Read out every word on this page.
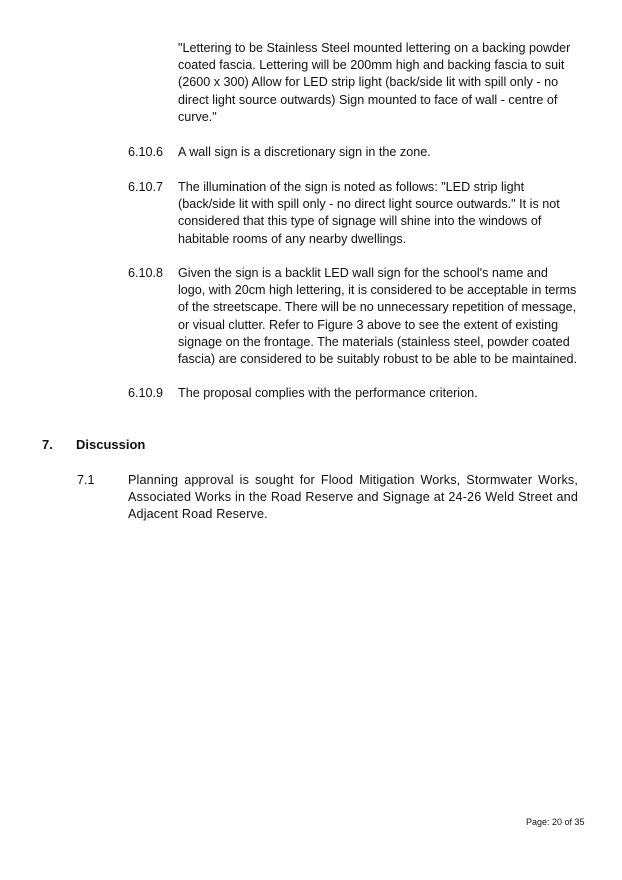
"Lettering to be Stainless Steel mounted lettering on a backing powder coated fascia. Lettering will be 200mm high and backing fascia to suit (2600 x 300) Allow for LED strip light (back/side lit with spill only - no direct light source outwards) Sign mounted to face of wall - centre of curve."

6.10.6 A wall sign is a discretionary sign in the zone.

6.10.7 The illumination of the sign is noted as follows: "LED strip light (back/side lit with spill only - no direct light source outwards." It is not considered that this type of signage will shine into the windows of habitable rooms of any nearby dwellings.

6.10.8 Given the sign is a backlit LED wall sign for the school's name and logo, with 20cm high lettering, it is considered to be acceptable in terms of the streetscape. There will be no unnecessary repetition of message, or visual clutter. Refer to Figure 3 above to see the extent of existing signage on the frontage. The materials (stainless steel, powder coated fascia) are considered to be suitably robust to be able to be maintained.

6.10.9 The proposal complies with the performance criterion.

7. Discussion
7.1	Planning approval is sought for Flood Mitigation Works, Stormwater Works, Associated Works in the Road Reserve and Signage at 24-26 Weld Street and Adjacent Road Reserve.

Page: 20 of 35
